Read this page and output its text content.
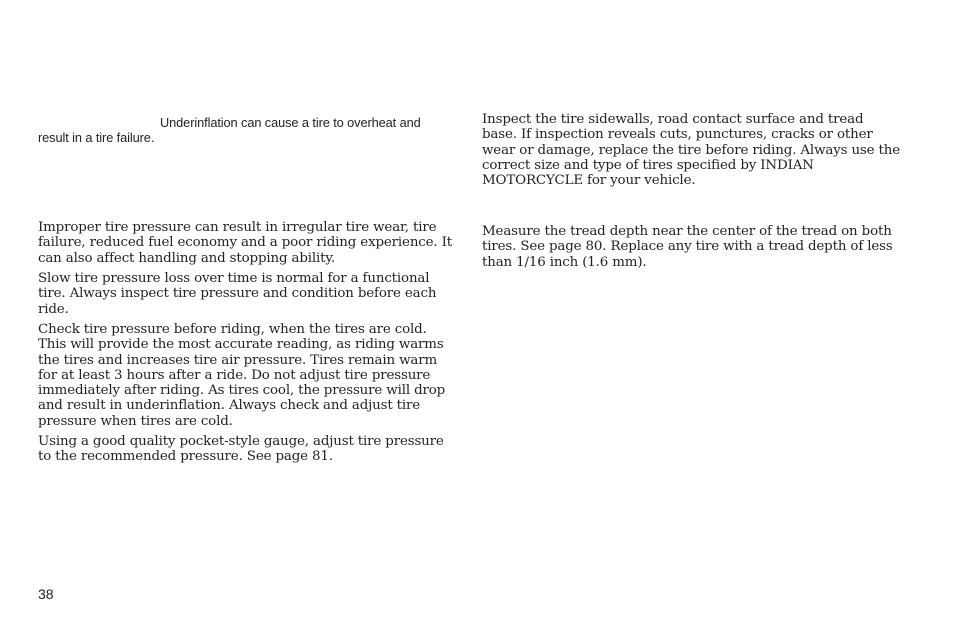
Underinflation can cause a tire to overheat and result in a tire failure.

Improper tire pressure can result in irregular tire wear, tire failure, reduced fuel economy and a poor riding experience. It can also affect handling and stopping ability.

Slow tire pressure loss over time is normal for a functional tire. Always inspect tire pressure and condition before each ride.

Check tire pressure before riding, when the tires are cold. This will provide the most accurate reading, as riding warms the tires and increases tire air pressure. Tires remain warm for at least 3 hours after a ride. Do not adjust tire pressure immediately after riding. As tires cool, the pressure will drop and result in underinflation. Always check and adjust tire pressure when tires are cold.

Using a good quality pocket-style gauge, adjust tire pressure to the recommended pressure. See page 81.

Inspect the tire sidewalls, road contact surface and tread base. If inspection reveals cuts, punctures, cracks or other wear or damage, replace the tire before riding. Always use the correct size and type of tires specified by INDIAN MOTORCYCLE for your vehicle.

Measure the tread depth near the center of the tread on both tires. See page 80. Replace any tire with a tread depth of less than 1/16 inch (1.6 mm).

38
